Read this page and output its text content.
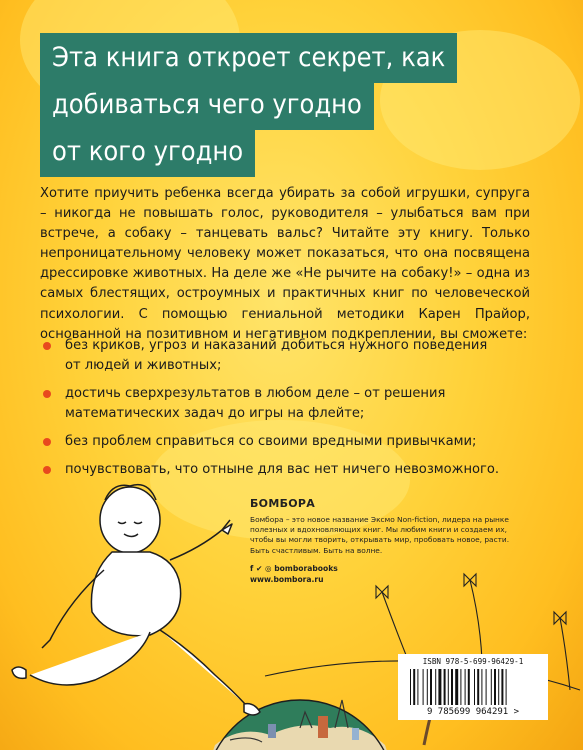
Эта книга откроет секрет, как
добиваться чего угодно
от кого угодно

Хотите приучить ребенка всегда убирать за собой игрушки, супруга – никогда не повышать голос, руководителя – улыбаться вам при встрече, а собаку – танцевать вальс? Читайте эту книгу. Только непроницательному человеку может показаться, что она посвящена дрессировке животных. На деле же «Не рычите на собаку!» – одна из самых блестящих, остроумных и практичных книг по человеческой психологии. С помощью гениальной методики Карен Прайор, основанной на позитивном и негативном подкреплении, вы сможете:

без криков, угроз и наказаний добиться нужного поведения от людей и животных;
достичь сверхрезультатов в любом деле – от решения математических задач до игры на флейте;
без проблем справиться со своими вредными привычками;
почувствовать, что отныне для вас нет ничего невозможного.
БОМБОРА
Бомбора – это новое название Эксмо Non-fiction, лидера на рынке полезных и вдохновляющих книг. Мы любим книги и создаем их, чтобы вы могли творить, открывать мир, пробовать новое, расти. Быть счастливым. Быть на волне.
f ✔ ◎ bomborabooks
www.bombora.ru
ISBN 978-5-699-96429-1
9 785699 964291 >
